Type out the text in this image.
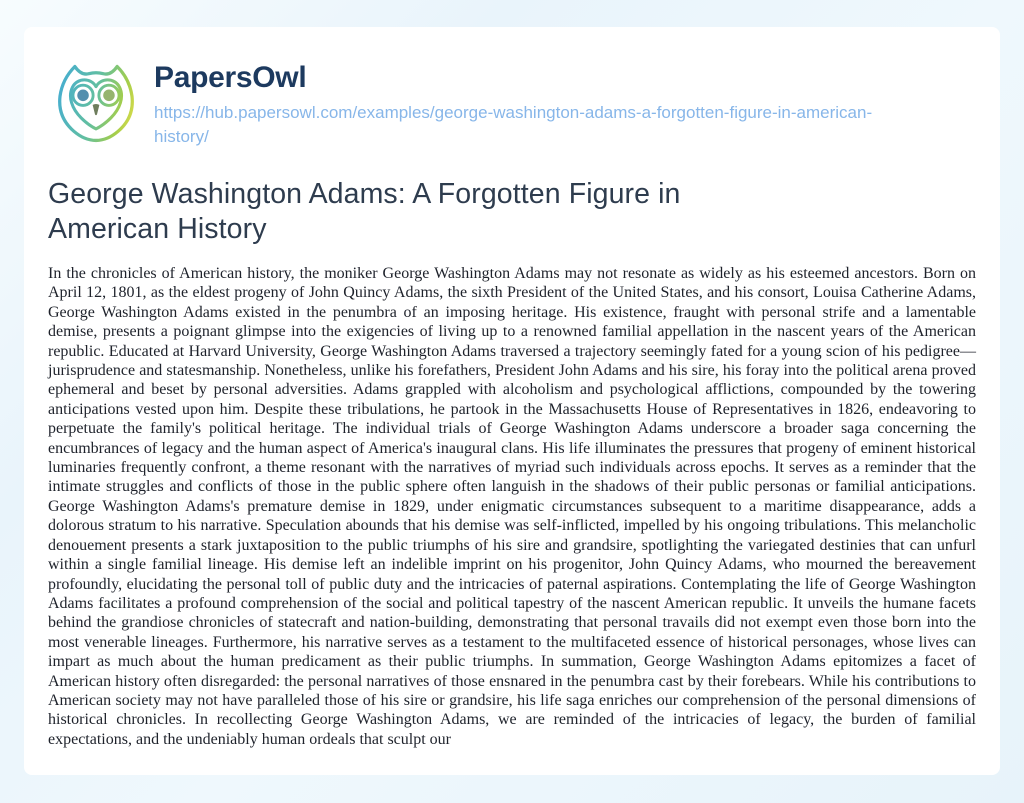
PapersOwl
https://hub.papersowl.com/examples/george-washington-adams-a-forgotten-figure-in-american-history/
George Washington Adams: A Forgotten Figure in American History

In the chronicles of American history, the moniker George Washington Adams may not resonate as widely as his esteemed ancestors. Born on April 12, 1801, as the eldest progeny of John Quincy Adams, the sixth President of the United States, and his consort, Louisa Catherine Adams, George Washington Adams existed in the penumbra of an imposing heritage. His existence, fraught with personal strife and a lamentable demise, presents a poignant glimpse into the exigencies of living up to a renowned familial appellation in the nascent years of the American republic. Educated at Harvard University, George Washington Adams traversed a trajectory seemingly fated for a young scion of his pedigree—jurisprudence and statesmanship. Nonetheless, unlike his forefathers, President John Adams and his sire, his foray into the political arena proved ephemeral and beset by personal adversities. Adams grappled with alcoholism and psychological afflictions, compounded by the towering anticipations vested upon him. Despite these tribulations, he partook in the Massachusetts House of Representatives in 1826, endeavoring to perpetuate the family's political heritage. The individual trials of George Washington Adams underscore a broader saga concerning the encumbrances of legacy and the human aspect of America's inaugural clans. His life illuminates the pressures that progeny of eminent historical luminaries frequently confront, a theme resonant with the narratives of myriad such individuals across epochs. It serves as a reminder that the intimate struggles and conflicts of those in the public sphere often languish in the shadows of their public personas or familial anticipations. George Washington Adams's premature demise in 1829, under enigmatic circumstances subsequent to a maritime disappearance, adds a dolorous stratum to his narrative. Speculation abounds that his demise was self-inflicted, impelled by his ongoing tribulations. This melancholic denouement presents a stark juxtaposition to the public triumphs of his sire and grandsire, spotlighting the variegated destinies that can unfurl within a single familial lineage. His demise left an indelible imprint on his progenitor, John Quincy Adams, who mourned the bereavement profoundly, elucidating the personal toll of public duty and the intricacies of paternal aspirations. Contemplating the life of George Washington Adams facilitates a profound comprehension of the social and political tapestry of the nascent American republic. It unveils the humane facets behind the grandiose chronicles of statecraft and nation-building, demonstrating that personal travails did not exempt even those born into the most venerable lineages. Furthermore, his narrative serves as a testament to the multifaceted essence of historical personages, whose lives can impart as much about the human predicament as their public triumphs. In summation, George Washington Adams epitomizes a facet of American history often disregarded: the personal narratives of those ensnared in the penumbra cast by their forebears. While his contributions to American society may not have paralleled those of his sire or grandsire, his life saga enriches our comprehension of the personal dimensions of historical chronicles. In recollecting George Washington Adams, we are reminded of the intricacies of legacy, the burden of familial expectations, and the undeniably human ordeals that sculpt our
